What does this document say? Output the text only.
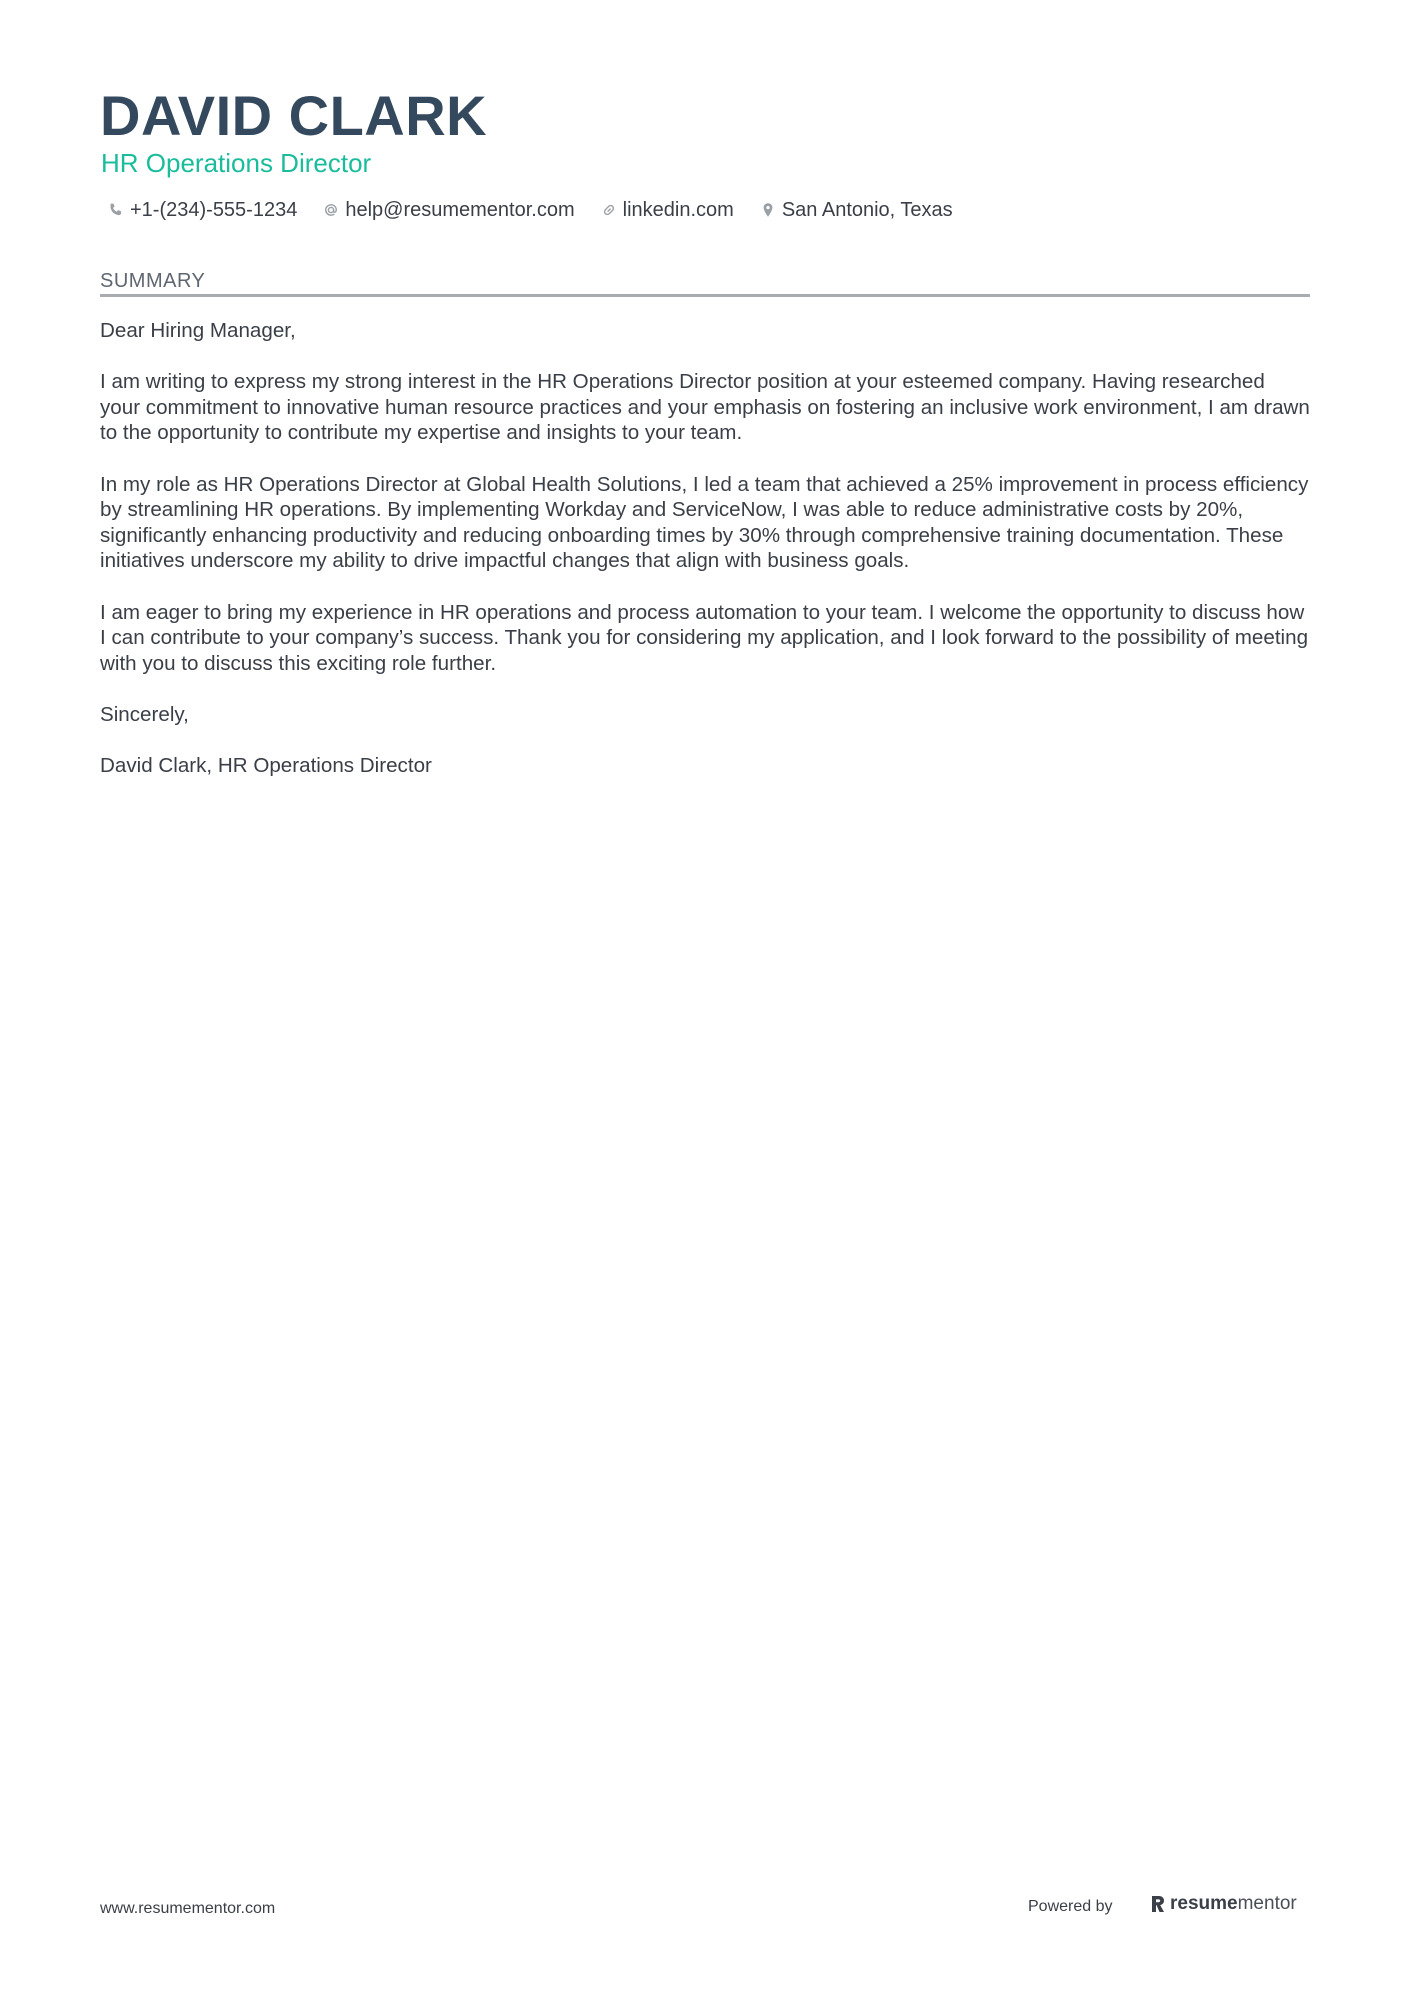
DAVID CLARK
HR Operations Director
+1-(234)-555-1234 help@resumementor.com linkedin.com San Antonio, Texas
SUMMARY

Dear Hiring Manager,

I am writing to express my strong interest in the HR Operations Director position at your esteemed company. Having researched your commitment to innovative human resource practices and your emphasis on fostering an inclusive work environment, I am drawn to the opportunity to contribute my expertise and insights to your team.

In my role as HR Operations Director at Global Health Solutions, I led a team that achieved a 25% improvement in process efficiency by streamlining HR operations. By implementing Workday and ServiceNow, I was able to reduce administrative costs by 20%, significantly enhancing productivity and reducing onboarding times by 30% through comprehensive training documentation. These initiatives underscore my ability to drive impactful changes that align with business goals.

I am eager to bring my experience in HR operations and process automation to your team. I welcome the opportunity to discuss how I can contribute to your company’s success. Thank you for considering my application, and I look forward to the possibility of meeting with you to discuss this exciting role further.

Sincerely,

David Clark, HR Operations Director

www.resumementor.com	Powered by	resumementor
